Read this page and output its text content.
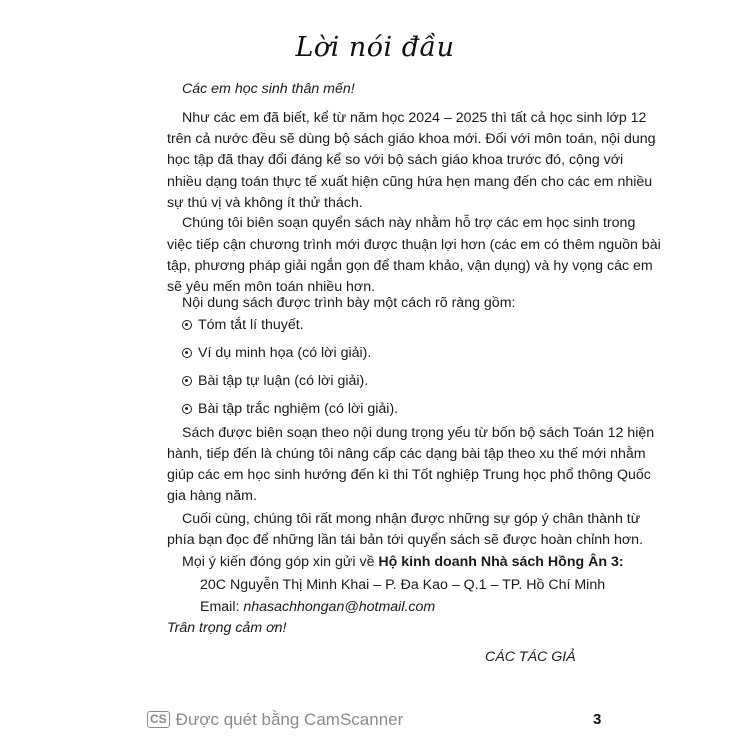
Lời nói đầu
Các em học sinh thân mến!
Như các em đã biết, kể từ năm học 2024 – 2025 thì tất cả học sinh lớp 12
trên cả nước đều sẽ dùng bộ sách giáo khoa mới. Đối với môn toán, nội dung
học tập đã thay đổi đáng kể so với bộ sách giáo khoa trước đó, cộng với
nhiều dạng toán thực tế xuất hiện cũng hứa hẹn mang đến cho các em nhiều
sự thú vị và không ít thử thách.
Chúng tôi biên soạn quyển sách này nhằm hỗ trợ các em học sinh trong
việc tiếp cận chương trình mới được thuận lợi hơn (các em có thêm nguồn bài
tập, phương pháp giải ngắn gọn để tham khảo, vận dụng) và hy vọng các em
sẽ yêu mến môn toán nhiều hơn.
Nội dung sách được trình bày một cách rõ ràng gồm:
Tóm tắt lí thuyết.
Ví dụ minh họa (có lời giải).
Bài tập tự luận (có lời giải).
Bài tập trắc nghiệm (có lời giải).
Sách được biên soạn theo nội dung trọng yếu từ bốn bộ sách Toán 12 hiện
hành, tiếp đến là chúng tôi nâng cấp các dạng bài tập theo xu thế mới nhằm
giúp các em học sinh hướng đến kì thi Tốt nghiệp Trung học phổ thông Quốc
gia hàng năm.
Cuối cùng, chúng tôi rất mong nhận được những sự góp ý chân thành từ
phía bạn đọc để những lần tái bản tới quyển sách sẽ được hoàn chỉnh hơn.
Mọi ý kiến đóng góp xin gửi về Hộ kinh doanh Nhà sách Hồng Ân 3:
20C Nguyễn Thị Minh Khai – P. Đa Kao – Q.1 – TP. Hồ Chí Minh
Email: nhasachhongan@hotmail.com
Trân trọng cảm ơn!
CÁC TÁC GIẢ
CS Được quét bằng CamScanner	3
